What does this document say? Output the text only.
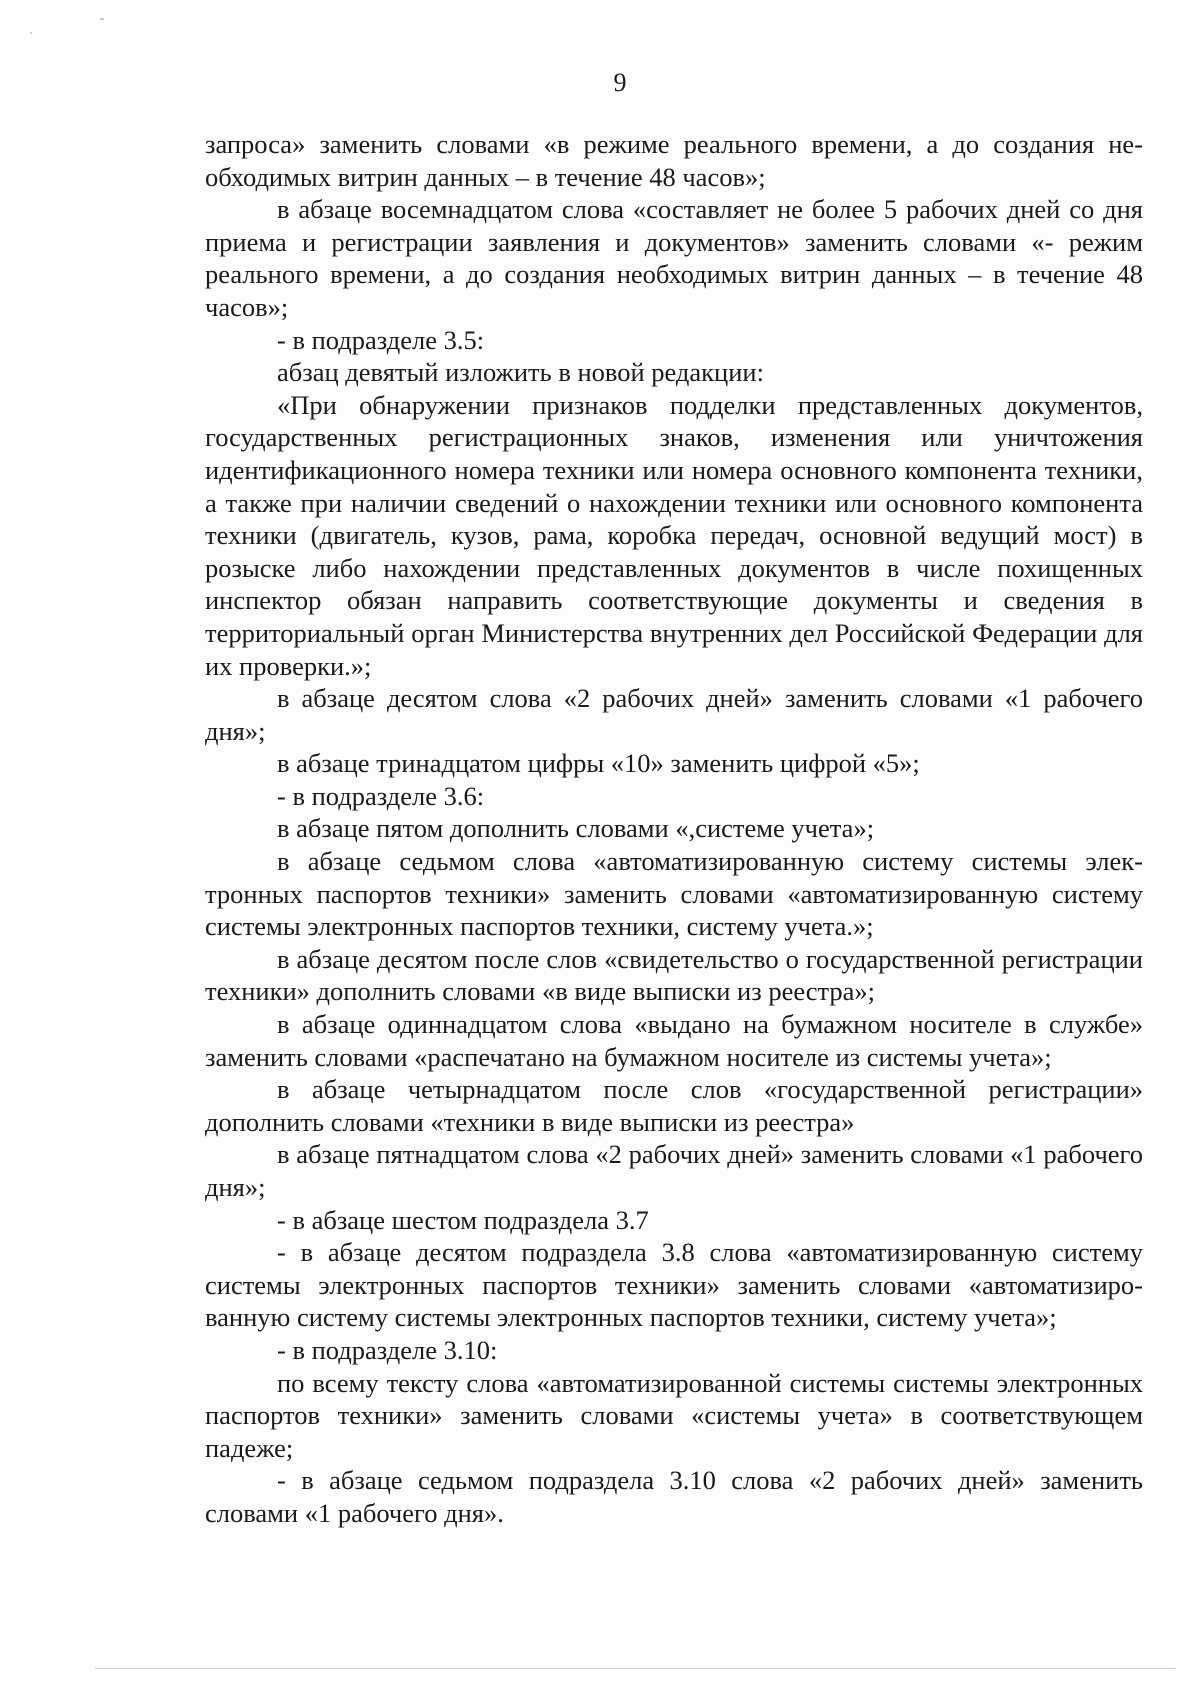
9

запроса» заменить словами «в режиме реального времени, а до создания необходимых витрин данных – в течение 48 часов»;

в абзаце восемнадцатом слова «составляет не более 5 рабочих дней со дня приема и регистрации заявления и документов» заменить словами «- режим реального времени, а до создания необходимых витрин данных – в течение 48 часов»;

- в подразделе 3.5:

абзац девятый изложить в новой редакции:

«При обнаружении признаков подделки представленных документов, государственных регистрационных знаков, изменения или уничтожения идентификационного номера техники или номера основного компонента техники, а также при наличии сведений о нахождении техники или основного компонента техники (двигатель, кузов, рама, коробка передач, основной ведущий мост) в розыске либо нахождении представленных документов в числе похищенных инспектор обязан направить соответствующие документы и сведения в территориальный орган Министерства внутренних дел Российской Федерации для их проверки.»;

в абзаце десятом слова «2 рабочих дней» заменить словами «1 рабочего дня»;

в абзаце тринадцатом цифры «10» заменить цифрой «5»;

- в подразделе 3.6:

в абзаце пятом дополнить словами «,системе учета»;

в абзаце седьмом слова «автоматизированную систему системы электронных паспортов техники» заменить словами «автоматизированную систему системы электронных паспортов техники, систему учета.»;

в абзаце десятом после слов «свидетельство о государственной регистрации техники» дополнить словами «в виде выписки из реестра»;

в абзаце одиннадцатом слова «выдано на бумажном носителе в службе» заменить словами «распечатано на бумажном носителе из системы учета»;

в абзаце четырнадцатом после слов «государственной регистрации» дополнить словами «техники в виде выписки из реестра»

в абзаце пятнадцатом слова «2 рабочих дней» заменить словами «1 рабочего дня»;

- в абзаце шестом подраздела 3.7

- в абзаце десятом подраздела 3.8 слова «автоматизированную систему системы электронных паспортов техники» заменить словами «автоматизированную систему системы электронных паспортов техники, систему учета»;

- в подразделе 3.10:

по всему тексту слова «автоматизированной системы системы электронных паспортов техники» заменить словами «системы учета» в соответствующем падеже;

- в абзаце седьмом подраздела 3.10 слова «2 рабочих дней» заменить словами «1 рабочего дня».
